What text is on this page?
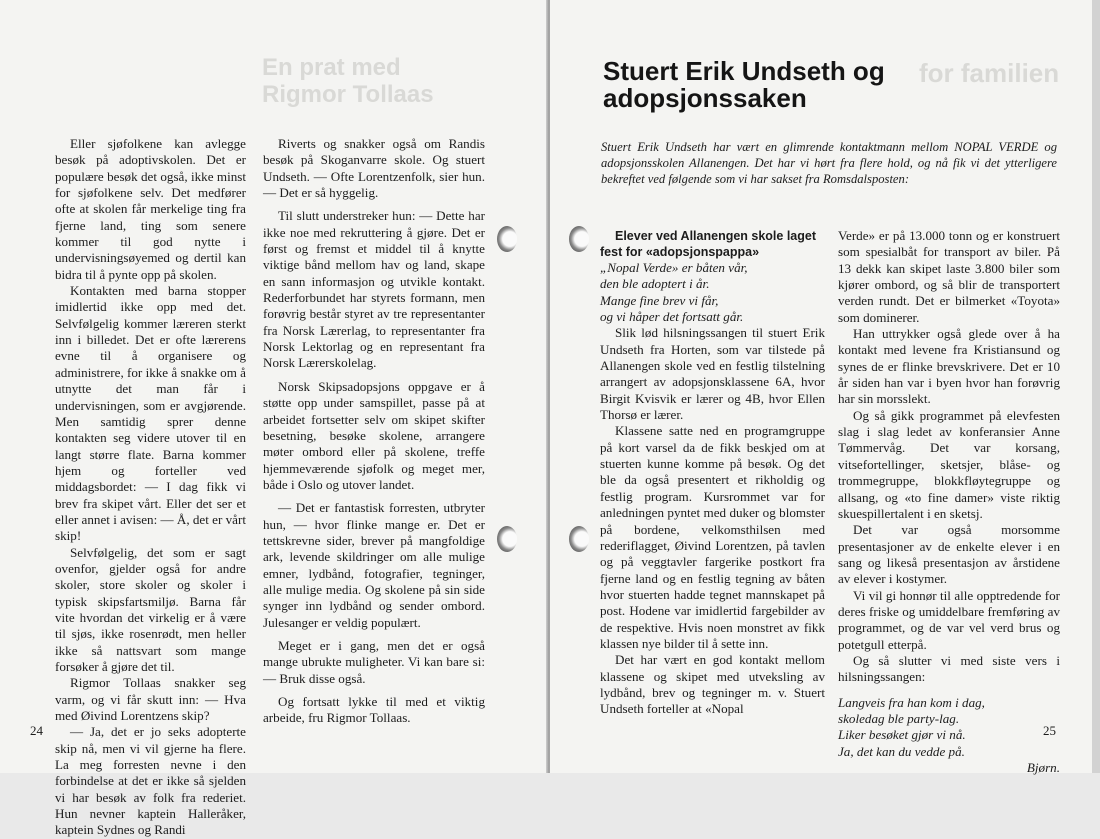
En prat med
Rigmor Tollaas

Eller sjøfolkene kan avlegge besøk på adoptivskolen. Det er populære besøk det også, ikke minst for sjøfolkene selv. Det medfører ofte at skolen får merkelige ting fra fjerne land, ting som senere kommer til god nytte i undervisningsøyemed og dertil kan bidra til å pynte opp på skolen.

Kontakten med barna stopper imidlertid ikke opp med det. Selvfølgelig kommer læreren sterkt inn i billedet. Det er ofte lærerens evne til å organisere og administrere, for ikke å snakke om å utnytte det man får i undervisningen, som er avgjørende. Men samtidig sprer denne kontakten seg videre utover til en langt større flate. Barna kommer hjem og forteller ved middagsbordet: — I dag fikk vi brev fra skipet vårt. Eller det ser et eller annet i avisen: — Å, det er vårt skip!

Selvfølgelig, det som er sagt ovenfor, gjelder også for andre skoler, store skoler og skoler i typisk skipsfartsmiljø. Barna får vite hvordan det virkelig er å være til sjøs, ikke rosenrødt, men heller ikke så nattsvart som mange forsøker å gjøre det til.

Rigmor Tollaas snakker seg varm, og vi får skutt inn: — Hva med Øivind Lorentzens skip?

— Ja, det er jo seks adopterte skip nå, men vi vil gjerne ha flere. La meg forresten nevne i den forbindelse at det er ikke så sjelden vi har besøk av folk fra rederiet. Hun nevner kaptein Halleråker, kaptein Sydnes og Randi

Riverts og snakker også om Randis besøk på Skoganvarre skole. Og stuert Undseth. — Ofte Lorentzenfolk, sier hun. — Det er så hyggelig.

Til slutt understreker hun: — Dette har ikke noe med rekruttering å gjøre. Det er først og fremst et middel til å knytte viktige bånd mellom hav og land, skape en sann informasjon og utvikle kontakt. Rederforbundet har styrets formann, men forøvrig består styret av tre representanter fra Norsk Lærerlag, to representanter fra Norsk Lektorlag og en representant fra Norsk Lærerskolelag.

Norsk Skipsadopsjons oppgave er å støtte opp under samspillet, passe på at arbeidet fortsetter selv om skipet skifter besetning, besøke skolene, arrangere møter ombord eller på skolene, treffe hjemmeværende sjøfolk og meget mer, både i Oslo og utover landet.

— Det er fantastisk forresten, utbryter hun, — hvor flinke mange er. Det er tettskrevne sider, brever på mangfoldige ark, levende skildringer om alle mulige emner, lydbånd, fotografier, tegninger, alle mulige media. Og skolene på sin side synger inn lydbånd og sender ombord. Julesanger er veldig populært.

Meget er i gang, men det er også mange ubrukte muligheter. Vi kan bare si: — Bruk disse også.

Og fortsatt lykke til med et viktig arbeide, fru Rigmor Tollaas.

24
for familien
Stuert Erik Undseth og adopsjonssaken

Stuert Erik Undseth har vært en glimrende kontaktmann mellom NOPAL VERDE og adopsjonsskolen Allanengen. Det har vi hørt fra flere hold, og nå fik vi det ytterligere bekreftet ved følgende som vi har sakset fra Romsdalsposten:

Elever ved Allanengen skole laget fest for «adopsjonspappa»

„Nopal Verde» er båten vår,

den ble adoptert i år.

Mange fine brev vi får,

og vi håper det fortsatt går.

Slik lød hilsningssangen til stuert Erik Undseth fra Horten, som var tilstede på Allanengen skole ved en festlig tilstelning arrangert av adopsjonsklassene 6A, hvor Birgit Kvisvik er lærer og 4B, hvor Ellen Thorsø er lærer.

Klassene satte ned en programgruppe på kort varsel da de fikk beskjed om at stuerten kunne komme på besøk. Og det ble da også presentert et rikholdig og festlig program. Kursrommet var for anledningen pyntet med duker og blomster på bordene, velkomsthilsen med rederiflagget, Øivind Lorentzen, på tavlen og på veggtavler fargerike postkort fra fjerne land og en festlig tegning av båten hvor stuerten hadde tegnet mannskapet på post. Hodene var imidlertid fargebilder av de respektive. Hvis noen monstret av fikk klassen nye bilder til å sette inn.

Det har vært en god kontakt mellom klassene og skipet med utveksling av lydbånd, brev og tegninger m. v. Stuert Undseth forteller at «Nopal

Verde» er på 13.000 tonn og er konstruert som spesialbåt for transport av biler. På 13 dekk kan skipet laste 3.800 biler som kjører ombord, og så blir de transportert verden rundt. Det er bilmerket «Toyota» som dominerer.

Han uttrykker også glede over å ha kontakt med levene fra Kristiansund og synes de er flinke brevskrivere. Det er 10 år siden han var i byen hvor han forøvrig har sin morsslekt.

Og så gikk programmet på elevfesten slag i slag ledet av konferansier Anne Tømmervåg. Det var korsang, vitsefortellinger, sketsjer, blåse- og trommegruppe, blokkfløytegruppe og allsang, og «to fine damer» viste riktig skuespillertalent i en sketsj.

Det var også morsomme presentasjoner av de enkelte elever i en sang og likeså presentasjon av årstidene av elever i kostymer.

Vi vil gi honnør til alle opptredende for deres friske og umiddelbare fremføring av programmet, og de var vel verd brus og potetgull etterpå.

Og så slutter vi med siste vers i hilsningssangen:

Langveis fra han kom i dag,

skoledag ble party-lag.

Liker besøket gjør vi nå.

Ja, det kan du vedde på.

Bjørn.

25
